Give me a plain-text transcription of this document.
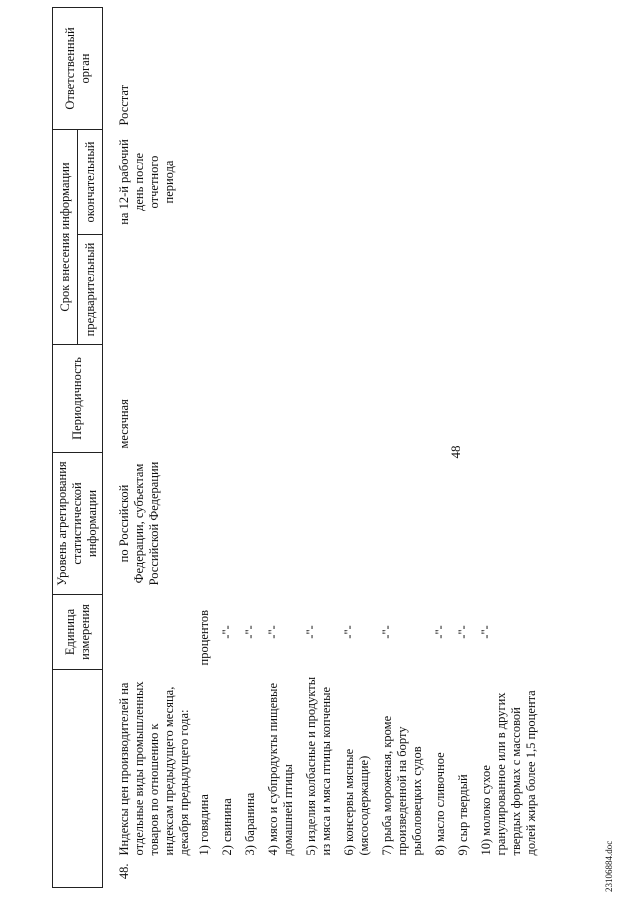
48
		Единица измерения	Уровень агрегирования статистической информации	Периодичность	Срок внесения информации		Ответственный орган
					предварительный	окончательный	
48.	Индексы цен производителей на отдельные виды промышленных товаров по отношению к индексам предыдущего месяца, декабря предыдущего года:		по Российской Федерации, субъектам Российской Федерации	месячная		на 12-й рабочий день после отчетного периода	Росстат
	1) говядина	процентов					
	2) свинина	-"-					
	3) баранина	-"-					
	4) мясо и субпродукты пищевые домашней птицы	-"-					
	5) изделия колбасные и продукты из мяса и мяса птицы копченые	-"-					
	6) консервы мясные (мясосодержащие)	-"-					
	7) рыба мороженая, кроме произведенной на борту рыболовецких судов	-"-					
	8) масло сливочное	-"-					
	9) сыр твердый	-"-					
	10) молоко сухое гранулированное или в других твердых формах с массовой долей жира более 1,5 процента	-"-					
23106884.doc
